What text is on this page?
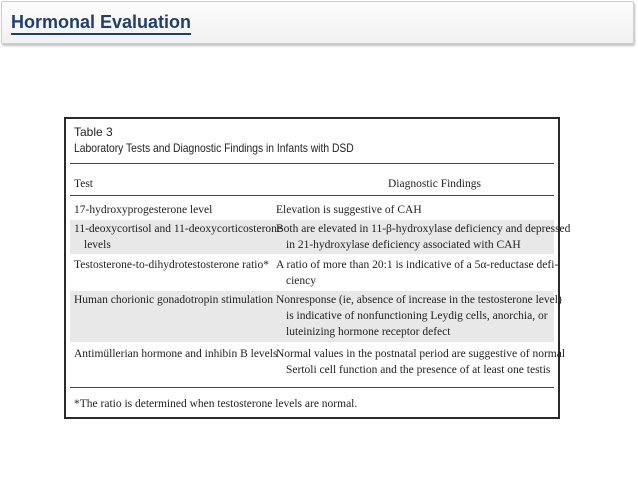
Hormonal Evaluation
Table 3
Laboratory Tests and Diagnostic Findings in Infants with DSD
Test	Diagnostic Findings
17-hydroxyprogesterone level	Elevation is suggestive of CAH
11-deoxycortisol and 11-deoxycorticosterone
levels
Both are elevated in 11-β-hydroxylase deficiency and depressed
in 21-hydroxylase deficiency associated with CAH
Testosterone-to-dihydrotestosterone ratio* A ratio of more than 20:1 is indicative of a 5α-reductase defi-
ciency
Human chorionic gonadotropin stimulation Nonresponse (ie, absence of increase in the testosterone level)
is indicative of nonfunctioning Leydig cells, anorchia, or
luteinizing hormone receptor defect
Antimüllerian hormone and inhibin B levels
Normal values in the postnatal period are suggestive of normal
Sertoli cell function and the presence of at least one testis
*The ratio is determined when testosterone levels are normal.
